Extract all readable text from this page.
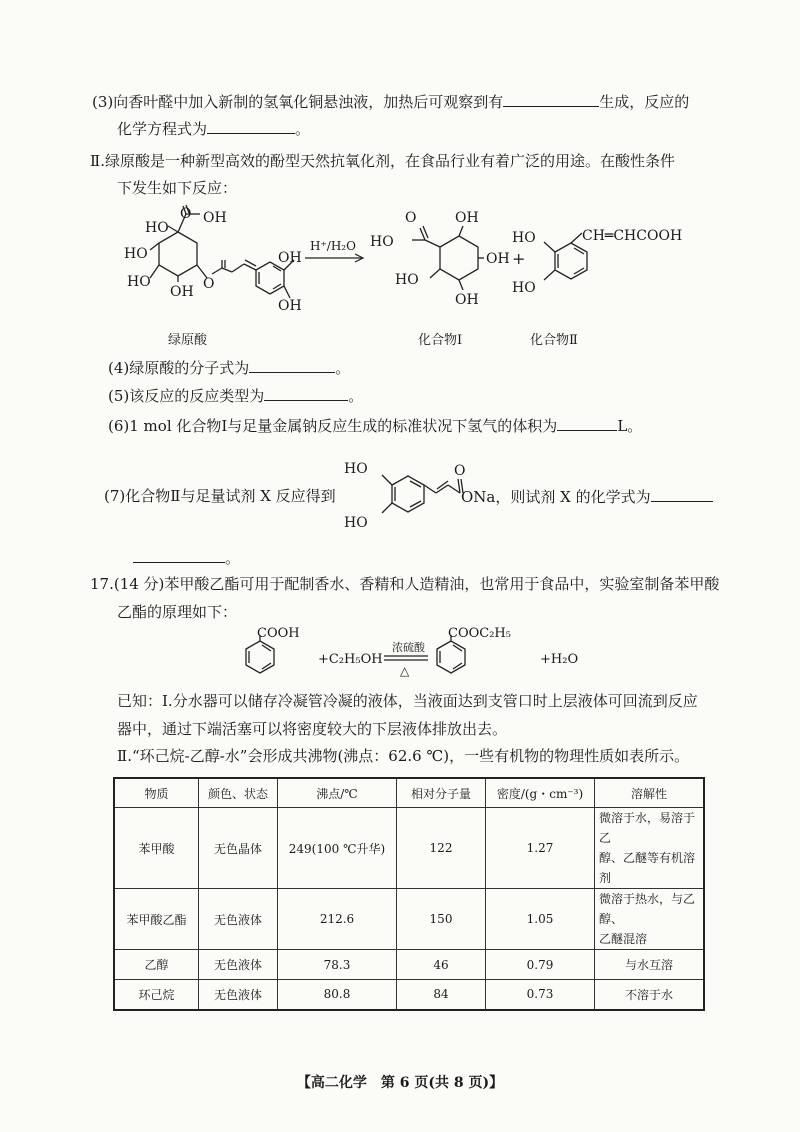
(3)向香叶醛中加入新制的氢氧化铜悬浊液，加热后可观察到有	生成，反应的
化学方程式为	。
Ⅱ.绿原酸是一种新型高效的酚型天然抗氧化剂，在食品行业有着广泛的用途。在酸性条件
下发生如下反应：
OH
O
HO
HO
HO
OH O
OH
OH
H⁺/H₂O
O
HO
OH
OH
HO
OH
+
HO
HO
CH═CHCOOH
绿原酸	化合物Ⅰ	化合物Ⅱ
(4)绿原酸的分子式为	。
(5)该反应的反应类型为	。
(6)1 mol 化合物Ⅰ与足量金属钠反应生成的标准状况下氢气的体积为	L。
(7)化合物Ⅱ与足量试剂 X 反应得到
HO
HO
O
ONa，则试剂 X 的化学式为
。
17.(14 分)苯甲酸乙酯可用于配制香水、香精和人造精油，也常用于食品中，实验室制备苯甲酸
乙酯的原理如下：
COOH
+C₂H₅OH
浓硫酸
△
COOC₂H₅
+H₂O
已知：Ⅰ.分水器可以储存冷凝管冷凝的液体，当液面达到支管口时上层液体可回流到反应
器中，通过下端活塞可以将密度较大的下层液体排放出去。
Ⅱ.“环己烷-乙醇-水”会形成共沸物(沸点：62.6 ℃)，一些有机物的物理性质如表所示。
物质	颜色、状态	沸点/℃	相对分子量	密度/(g・cm⁻³)	溶解性
苯甲酸	无色晶体	249(100 ℃升华)	122	1.27	微溶于水，易溶于乙
醇、乙醚等有机溶剂

苯甲酸乙酯	无色液体	212.6	150	1.05	微溶于热水，与乙醇、
乙醚混溶

乙醇	无色液体	78.3	46	0.79	与水互溶
环己烷	无色液体	80.8	84	0.73	不溶于水
【高二化学　第 6 页(共 8 页)】
